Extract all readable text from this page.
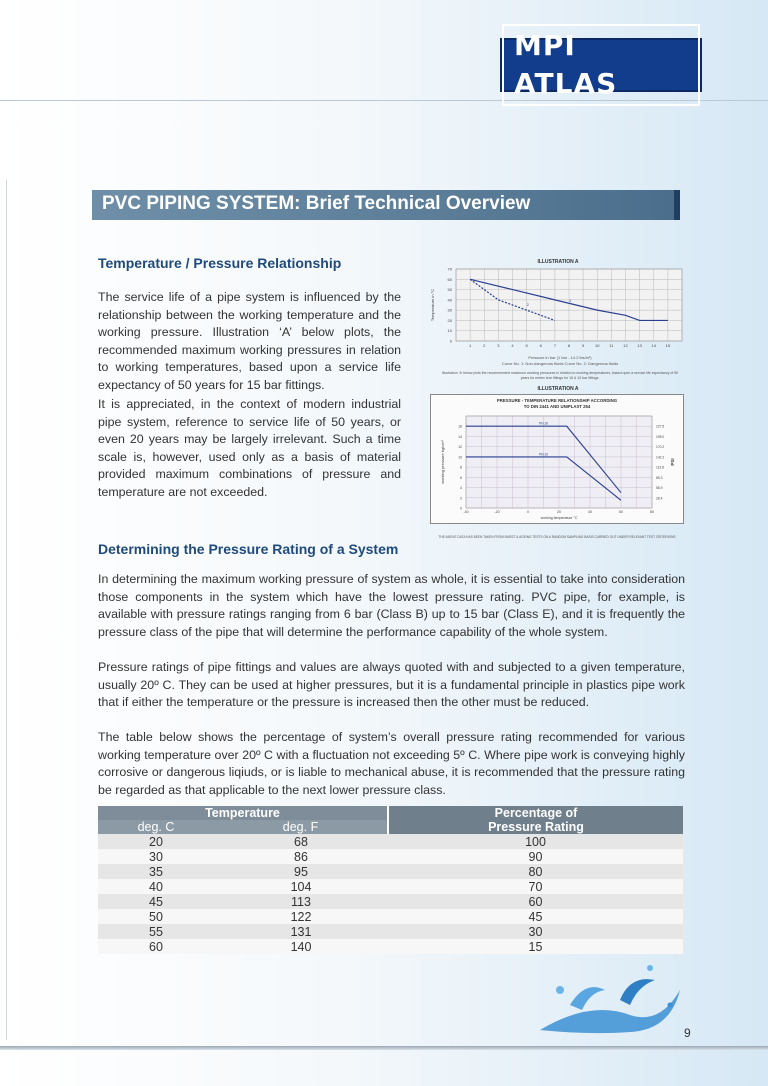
MPI ATLAS
PVC PIPING SYSTEM: Brief Technical Overview
Temperature / Pressure Relationship

The service life of a pipe system is influenced by the relationship between the working temperature and the working pressure. Illustration ‘A’ below plots, the recommended maximum working pressures in relation to working temperatures, based upon a service life expectancy of 50 years for 15 bar fittings.

It is appreciated, in the context of modern industrial pipe system, reference to service life of 50 years, or even 20 years may be largely irrelevant. Such a time scale is, however, used only as a basis of material provided maximum combinations of pressure and temperature are not exceeded.

ILLUSTRATION A
1	2	3	4	5	6	7	8	9	10 11 12 13 14 15
0
10
20
30
40
50
60
70
Temperature in °C	1
2
Pressure in bar (1 bar - 14.2 lbs/in²)
Curve No. 1: Non-dangerous fluids Curve No. 2: Dangerous fluids
Illustration ‘A’ below plots the recommended maximum working pressures in relation to working temperatures, based upon a service life expectancy of 50 years for metric size fittings for 16 & 10 bar fittings.
ILLUSTRATION A
PRESSURE - TEMPERATURE RELATIONSHIP ACCORDING
TO DIN 2441 AND UNIPLAST 254
0
2
4
6
8
10
12
14
16
-40	-20	0	20	40	60	80
227.5
199.0
170.2
142.2
113.8
85.3
56.9
28.4
working temperature °C
working pressure kg/cm²	PSI
PN 16
PN 10
THE ABOVE DATA HAS BEEN TAKEN FROM BURST & AGEING TESTS ON A RANDOM SAMPLING BASIS CARRIED OUT UNDER RELEVANT TEST CRITERIONS
Determining the Pressure Rating of a System

In determining the maximum working pressure of system as whole, it is essential to take into consideration those components in the system which have the lowest pressure rating. PVC pipe, for example, is available with pressure ratings ranging from 6 bar (Class B) up to 15 bar (Class E), and it is frequently the pressure class of the pipe that will determine the performance capability of the whole system.

Pressure ratings of pipe fittings and values are always quoted with and subjected to a given temperature, usually 20º C. They can be used at higher pressures, but it is a fundamental principle in plastics pipe work that if either the temperature or the pressure is increased then the other must be reduced.

The table below shows the percentage of system’s overall pressure rating recommended for various working temperature over 20º C with a fluctuation not exceeding 5º C. Where pipe work is conveying highly corrosive or dangerous liqiuds, or is liable to mechanical abuse, it is recommended that the pressure rating be regarded as that applicable to the next lower pressure class.

Temperature		Percentage of
Pressure Rating

deg. C	deg. F	
20	68	100
30	86	90
35	95	80
40	104	70
45	113	60
50	122	45
55	131	30
60	140	15
9
